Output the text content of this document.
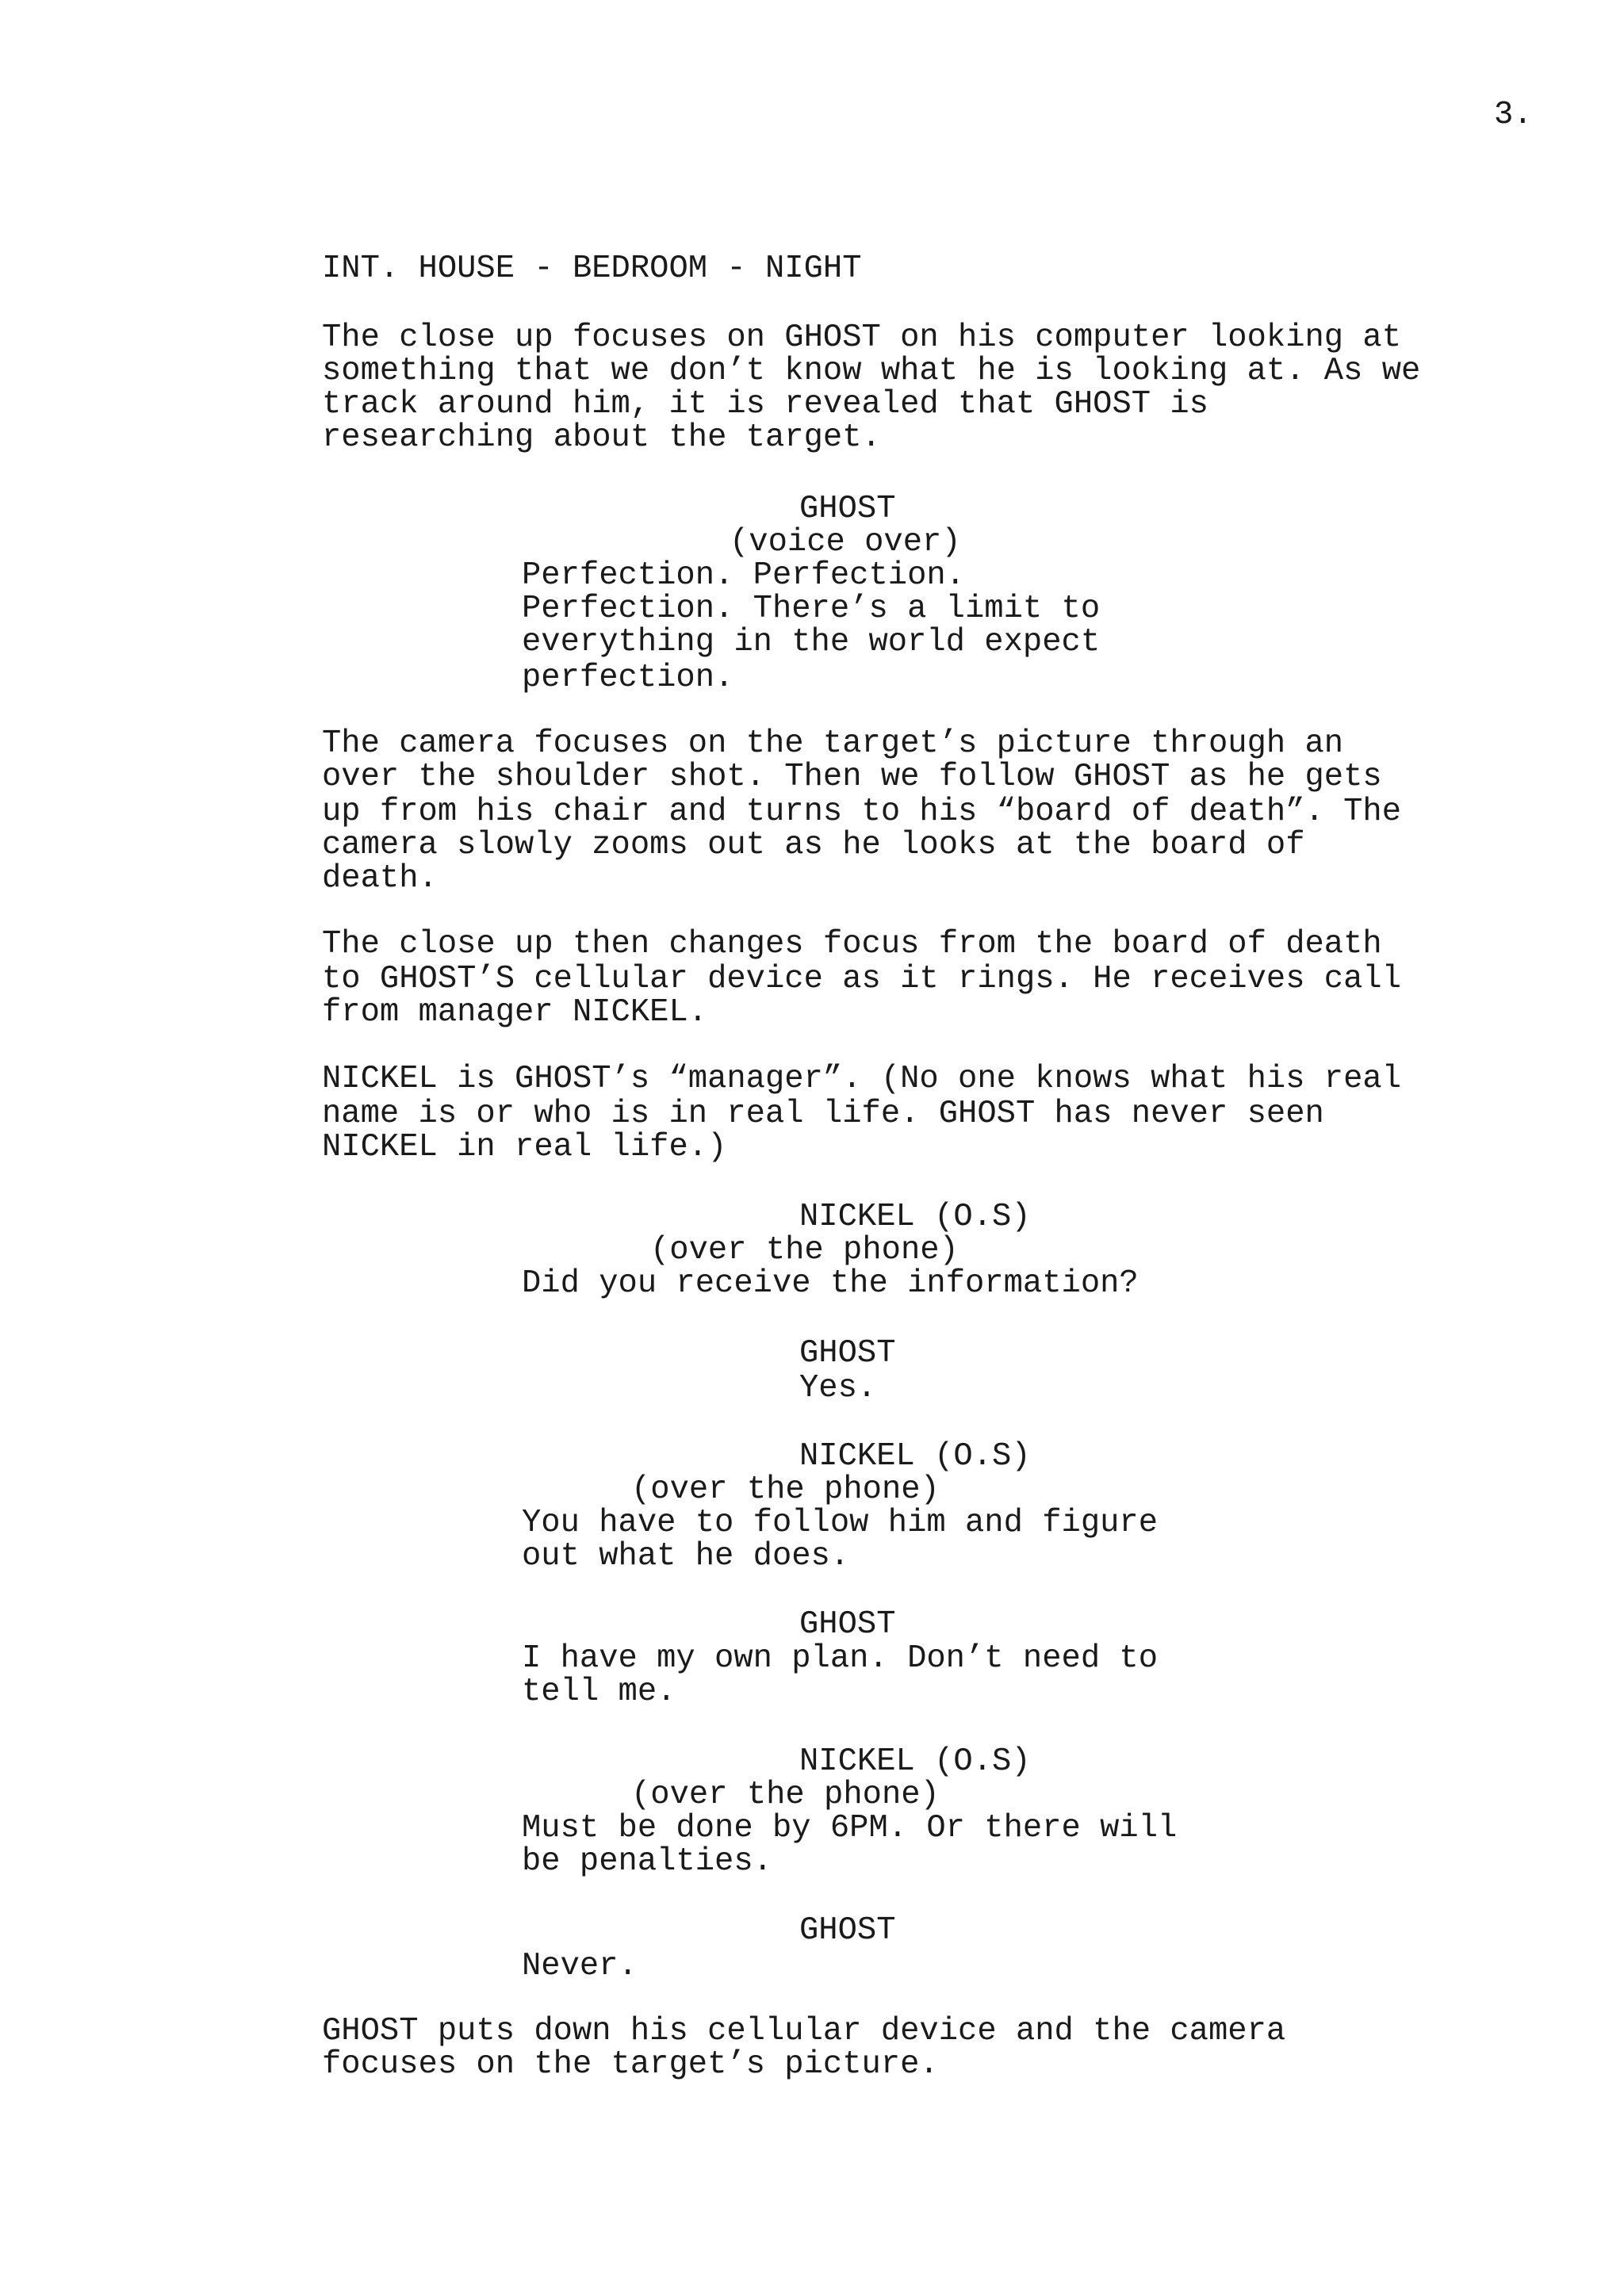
3.
INT. HOUSE - BEDROOM - NIGHT
The close up focuses on GHOST on his computer looking at
something that we don’t know what he is looking at. As we
track around him, it is revealed that GHOST is
researching about the target.
GHOST
(voice over)
Perfection. Perfection.
Perfection. There’s a limit to
everything in the world expect
perfection.
The camera focuses on the target’s picture through an
over the shoulder shot. Then we follow GHOST as he gets
up from his chair and turns to his “board of death”. The
camera slowly zooms out as he looks at the board of
death.
The close up then changes focus from the board of death
to GHOST’S cellular device as it rings. He receives call
from manager NICKEL.
NICKEL is GHOST’s “manager”. (No one knows what his real
name is or who is in real life. GHOST has never seen
NICKEL in real life.)
NICKEL (O.S)
(over the phone)
Did you receive the information?
GHOST
Yes.
NICKEL (O.S)
(over the phone)
You have to follow him and figure
out what he does.
GHOST
I have my own plan. Don’t need to
tell me.
NICKEL (O.S)
(over the phone)
Must be done by 6PM. Or there will
be penalties.
GHOST
Never.
GHOST puts down his cellular device and the camera
focuses on the target’s picture.
